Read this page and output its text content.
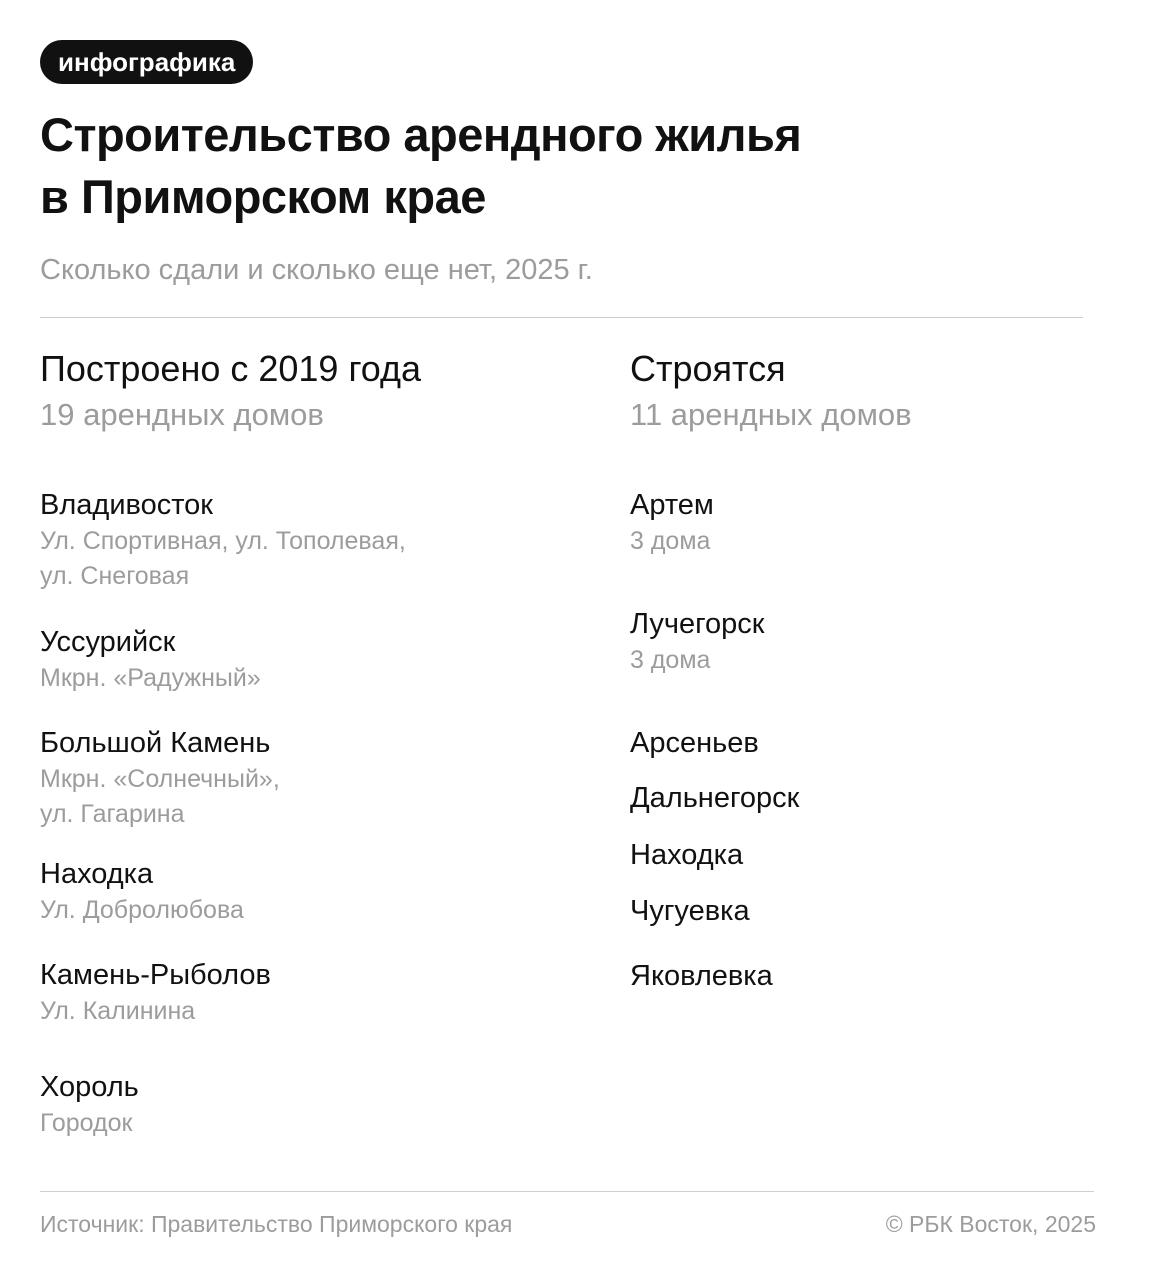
инфографика
Строительство арендного жилья
в Приморском крае
Сколько сдали и сколько еще нет, 2025 г.
Построено с 2019 года
19 арендных домов
Владивосток
Ул. Спортивная, ул. Тополевая,
ул. Снеговая
Уссурийск
Мкрн. «Радужный»
Большой Камень
Мкрн. «Солнечный»,
ул. Гагарина
Находка
Ул. Добролюбова
Камень-Рыболов
Ул. Калинина
Хороль
Городок
Строятся
11 арендных домов
Артем
3 дома
Лучегорск
3 дома
Арсеньев
Дальнегорск
Находка
Чугуевка
Яковлевка
Источник: Правительство Приморского края	© РБК Восток, 2025
